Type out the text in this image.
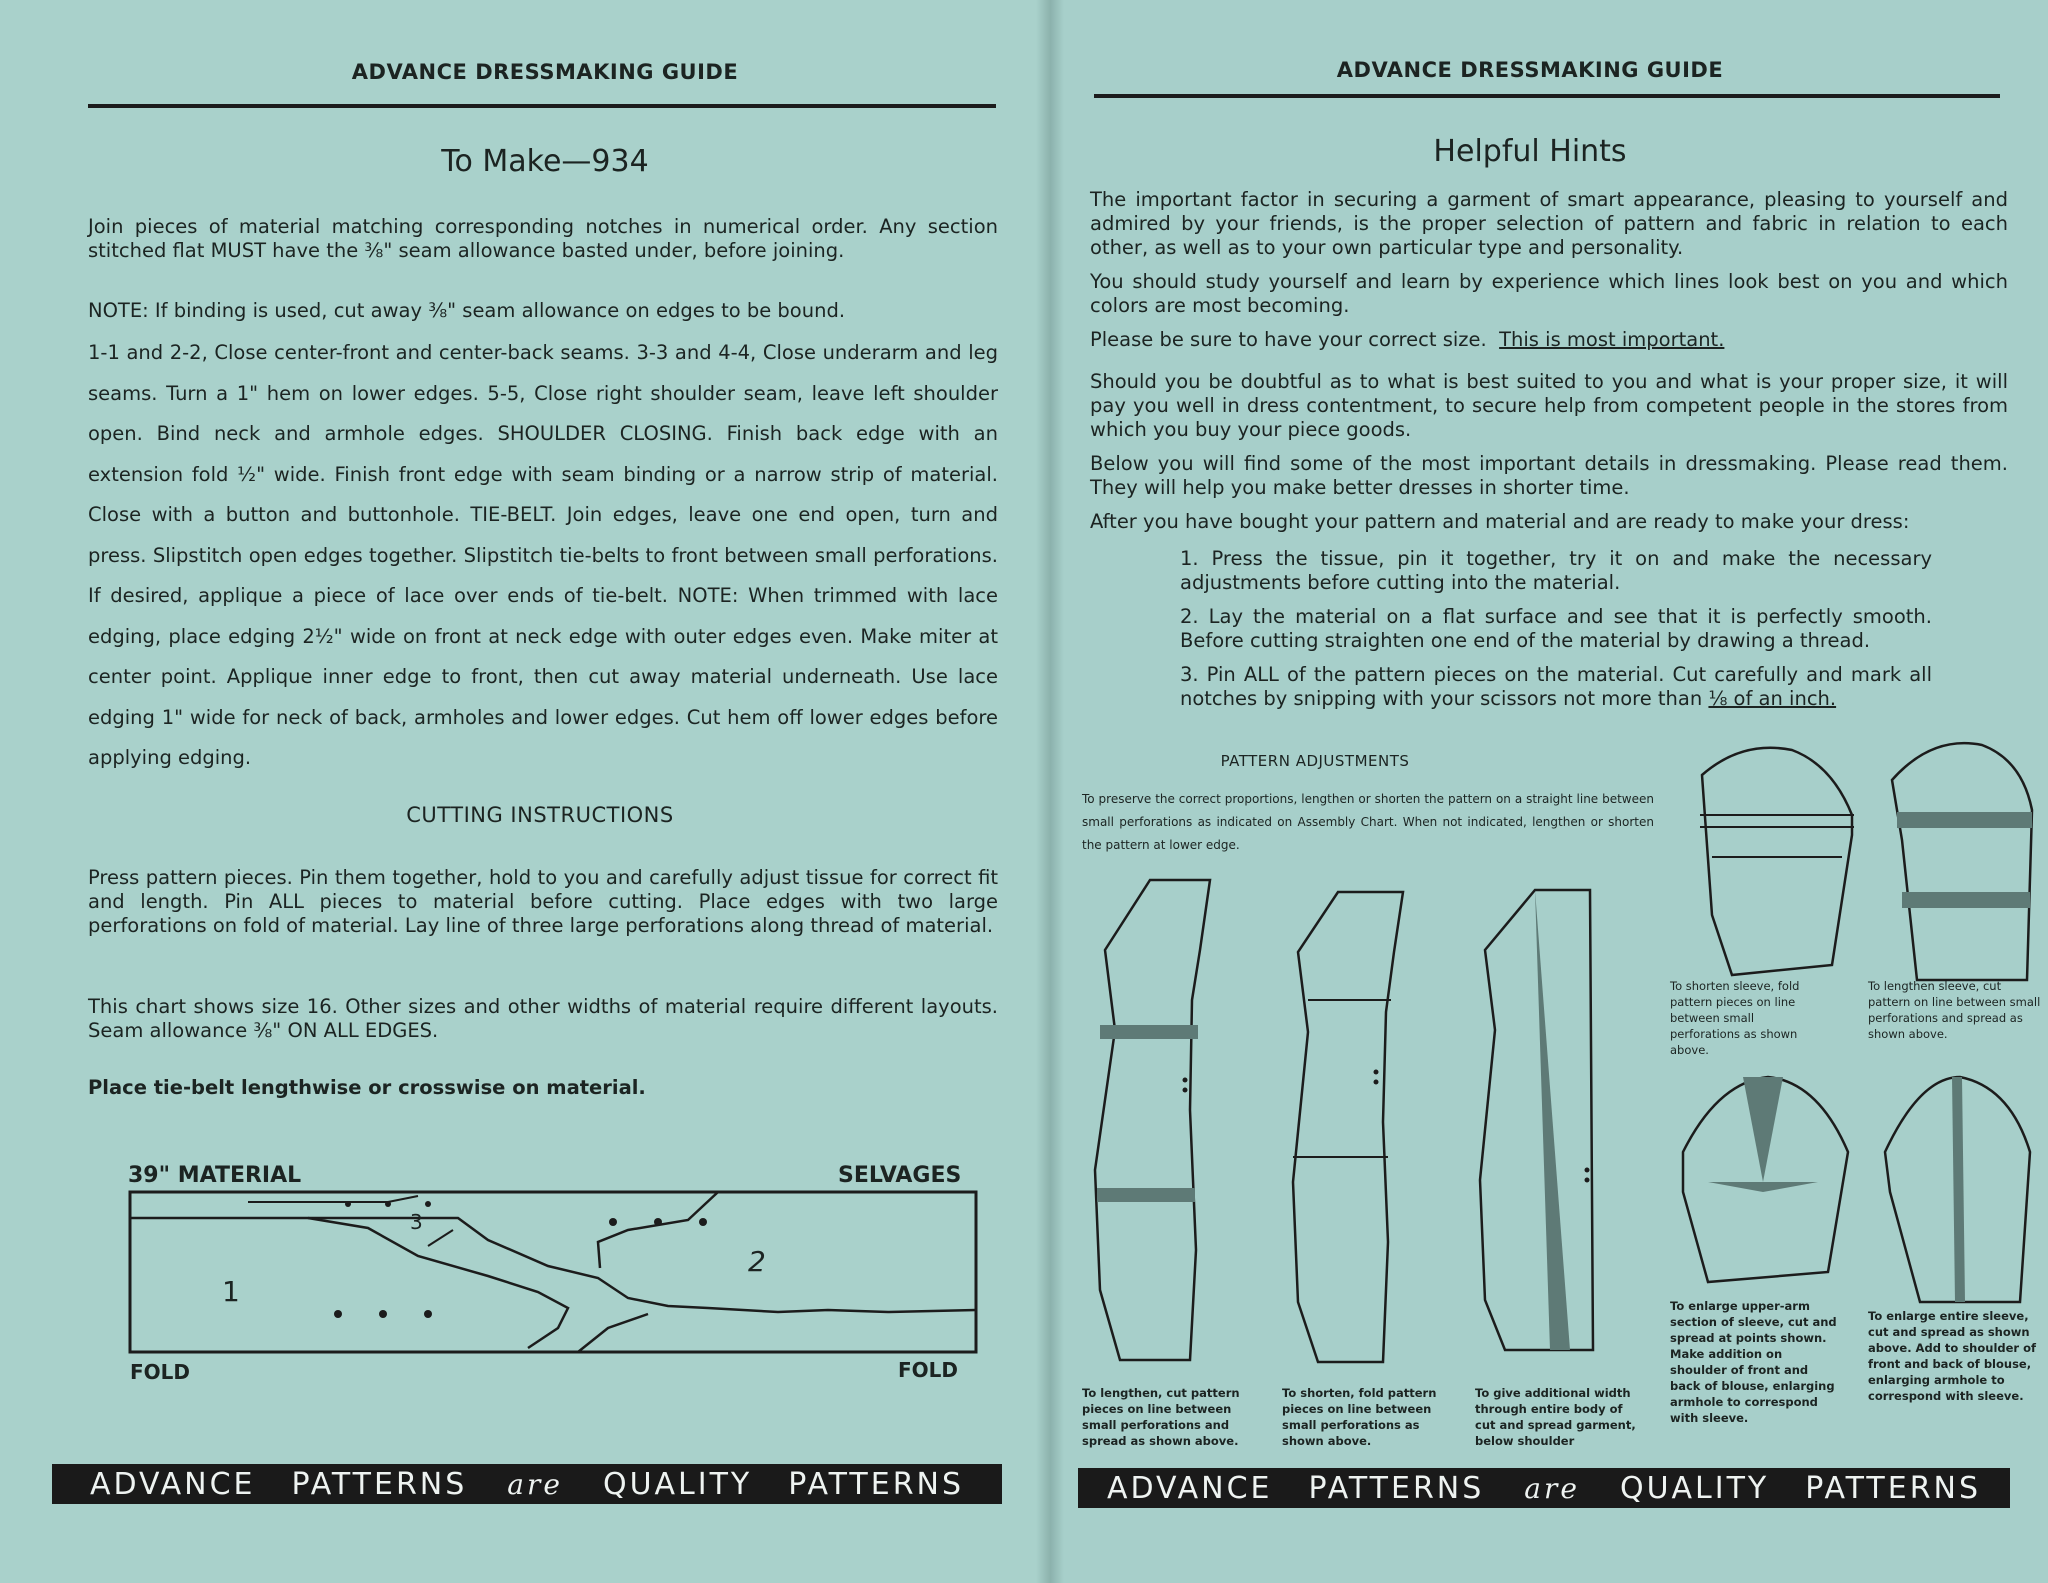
ADVANCE DRESSMAKING GUIDE
To Make—934
Join pieces of material matching corresponding notches in numerical order. Any section stitched flat MUST have the ⅜" seam allowance basted under, before joining.
NOTE: If binding is used, cut away ⅜" seam allowance on edges to be bound.
1-1 and 2-2, Close center-front and center-back seams. 3-3 and 4-4, Close underarm and leg seams. Turn a 1" hem on lower edges. 5-5, Close right shoulder seam, leave left shoulder open. Bind neck and armhole edges. SHOULDER CLOSING. Finish back edge with an extension fold ½" wide. Finish front edge with seam binding or a narrow strip of material. Close with a button and buttonhole. TIE-BELT. Join edges, leave one end open, turn and press. Slipstitch open edges together. Slipstitch tie-belts to front between small perforations. If desired, applique a piece of lace over ends of tie-belt. NOTE: When trimmed with lace edging, place edging 2½" wide on front at neck edge with outer edges even. Make miter at center point. Applique inner edge to front, then cut away material underneath. Use lace edging 1" wide for neck of back, armholes and lower edges. Cut hem off lower edges before applying edging.
CUTTING INSTRUCTIONS
Press pattern pieces. Pin them together, hold to you and carefully adjust tissue for correct fit and length. Pin ALL pieces to material before cutting. Place edges with two large perforations on fold of material. Lay line of three large perforations along thread of material.
This chart shows size 16. Other sizes and other widths of material require different layouts. Seam allowance ⅜" ON ALL EDGES.
Place tie-belt lengthwise or crosswise on material.
39" MATERIAL	SELVAGES
1
2
3
FOLD	FOLD
ADVANCE PATTERNS are QUALITY PATTERNS
ADVANCE DRESSMAKING GUIDE
Helpful Hints
The important factor in securing a garment of smart appearance, pleasing to yourself and admired by your friends, is the proper selection of pattern and fabric in relation to each other, as well as to your own particular type and personality.
You should study yourself and learn by experience which lines look best on you and which colors are most becoming.
Please be sure to have your correct size. This is most important.
Should you be doubtful as to what is best suited to you and what is your proper size, it will pay you well in dress contentment, to secure help from competent people in the stores from which you buy your piece goods.
Below you will find some of the most important details in dressmaking. Please read them. They will help you make better dresses in shorter time.
After you have bought your pattern and material and are ready to make your dress:
1. Press the tissue, pin it together, try it on and make the necessary adjustments before cutting into the material.
2. Lay the material on a flat surface and see that it is perfectly smooth. Before cutting straighten one end of the material by drawing a thread.
3. Pin ALL of the pattern pieces on the material. Cut carefully and mark all notches by snipping with your scissors not more than ⅛ of an inch.
PATTERN ADJUSTMENTS
To preserve the correct proportions, lengthen or shorten the pattern on a straight line between small perforations as indicated on Assembly Chart. When not indicated, lengthen or shorten the pattern at lower edge.
To shorten sleeve, fold pattern pieces on line between small perforations as shown above.
To lengthen sleeve, cut pattern on line between small perforations and spread as shown above.
To lengthen, cut pattern pieces on line between small perforations and spread as shown above.
To shorten, fold pattern pieces on line between small perforations as shown above.
To give additional width through entire body of cut and spread garment, below shoulder
To enlarge upper-arm section of sleeve, cut and spread at points shown. Make addition on shoulder of front and back of blouse, enlarging armhole to correspond with sleeve.
To enlarge entire sleeve, cut and spread as shown above. Add to shoulder of front and back of blouse, enlarging armhole to correspond with sleeve.
ADVANCE PATTERNS are QUALITY PATTERNS
